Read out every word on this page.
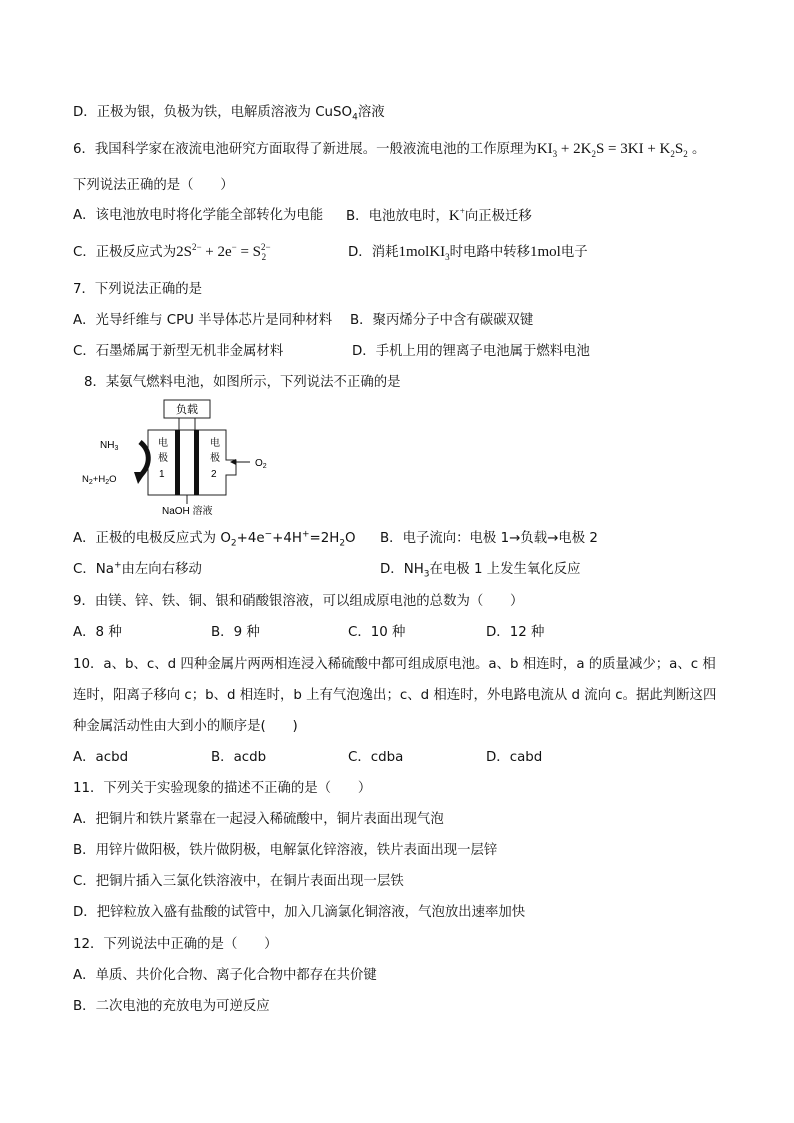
D．正极为银，负极为铁，电解质溶液为 CuSO$_4$溶液
6．我国科学家在液流电池研究方面取得了新进展。一般液流电池的工作原理为$KI_3 + 2K_2S = 3KI + K_2S_2$ 。
下列说法正确的是（　　）
A．该电池放电时将化学能全部转化为电能 B．电池放电时，K+向正极迁移
C．正极反应式为$2S^{2-} + 2e^- = S^{2-}_2$	D．消耗1molKI$_3$时电路中转移1mol电子
7．下列说法正确的是
A．光导纤维与 CPU 半导体芯片是同种材料 B．聚丙烯分子中含有碳碳双键
C．石墨烯属于新型无机非金属材料	D．手机上用的锂离子电池属于燃料电池
8．某氨气燃料电池，如图所示，下列说法不正确的是
负载
电
极
1
电
极
2
$NH_3$
$N_2+H_2O$
$O_2$
NaOH 溶液
A．正极的电极反应式为 $O_2+4e^-+4H^+=2H_2O$ B．电子流向：电极 1→负载→电极 2
C．Na+由左向右移动	D．$NH_3$在电极 1 上发生氧化反应
9．由镁、锌、铁、铜、银和硝酸银溶液，可以组成原电池的总数为（　　）
A．8 种	B．9 种	C．10 种	D．12 种
10．a、b、c、d 四种金属片两两相连浸入稀硫酸中都可组成原电池。a、b 相连时，a 的质量减少；a、c 相
连时，阳离子移向 c；b、d 相连时，b 上有气泡逸出；c、d 相连时，外电路电流从 d 流向 c。据此判断这四
种金属活动性由大到小的顺序是(　　)
A．acbd	B．acdb	C．cdba	D．cabd
11．下列关于实验现象的描述不正确的是（　　）
A．把铜片和铁片紧靠在一起浸入稀硫酸中，铜片表面出现气泡
B．用锌片做阳极，铁片做阴极，电解氯化锌溶液，铁片表面出现一层锌
C．把铜片插入三氯化铁溶液中，在铜片表面出现一层铁
D．把锌粒放入盛有盐酸的试管中，加入几滴氯化铜溶液，气泡放出速率加快
12．下列说法中正确的是（　　）
A．单质、共价化合物、离子化合物中都存在共价键
B．二次电池的充放电为可逆反应
